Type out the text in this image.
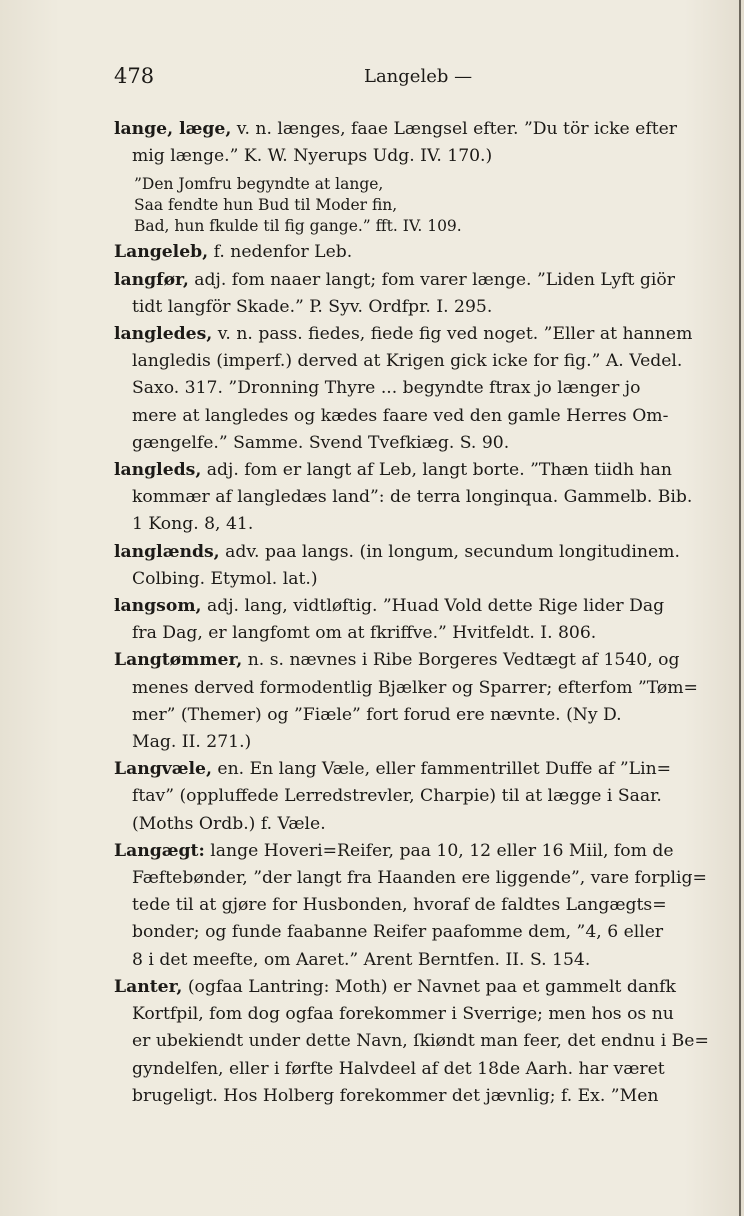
478	Langeleb —
lange, læge, v. n. længes, faae Længsel efter. ”Du tör icke efter
mig længe.” K. W. Nyerups Udg. IV. 170.)
”Den Jomfru begyndte at lange,
Saa fendte hun Bud til Moder fin,
Bad, hun fkulde til fig gange.” fft. IV. 109.
Langeleb, f. nedenfor Leb.
langfør, adj. fom naaer langt; fom varer længe. ”Liden Lyft giör
tidt langför Skade.” P. Syv. Ordfpr. I. 295.
langledes, v. n. pass. fiedes, fiede fig ved noget. ”Eller at hannem
langledis (imperf.) derved at Krigen gick icke for fig.” A. Vedel.
Saxo. 317. ”Dronning Thyre ... begyndte ftrax jo længer jo
mere at langledes og kædes faare ved den gamle Herres Om-
gængelfe.” Samme. Svend Tvefkiæg. S. 90.
langleds, adj. fom er langt af Leb, langt borte. ”Thæn tiidh han
kommær af langledæs land”: de terra longinqua. Gammelb. Bib.
1 Kong. 8, 41.
langlænds, adv. paa langs. (in longum, secundum longitudinem.
Colbing. Etymol. lat.)
langsom, adj. lang, vidtløftig. ”Huad Vold dette Rige lider Dag
fra Dag, er langfomt om at fkriffve.” Hvitfeldt. I. 806.
Langtømmer, n. s. nævnes i Ribe Borgeres Vedtægt af 1540, og
menes derved formodentlig Bjælker og Sparrer; efterfom ”Tøm=
mer” (Themer) og ”Fiæle” fort forud ere nævnte. (Ny D.
Mag. II. 271.)
Langvæle, en. En lang Væle, eller fammentrillet Duffe af ”Lin=
ftav” (oppluffede Lerredstrevler, Charpie) til at lægge i Saar.
(Moths Ordb.) f. Væle.
Langægt: lange Hoveri=Reifer, paa 10, 12 eller 16 Miil, fom de
Fæftebønder, ”der langt fra Haanden ere liggende”, vare forplig=
tede til at gjøre for Husbonden, hvoraf de faldtes Langægts=
bonder; og funde faabanne Reifer paafomme dem, ”4, 6 eller
8 i det meefte, om Aaret.” Arent Berntfen. II. S. 154.
Lanter, (ogfaa Lantring: Moth) er Navnet paa et gammelt danfk
Kortfpil, fom dog ogfaa forekommer i Sverrige; men hos os nu
er ubekiendt under dette Navn, ſkiøndt man feer, det endnu i Be=
gyndelfen, eller i førfte Halvdeel af det 18de Aarh. har været
brugeligt. Hos Holberg forekommer det jævnlig; f. Ex. ”Men
